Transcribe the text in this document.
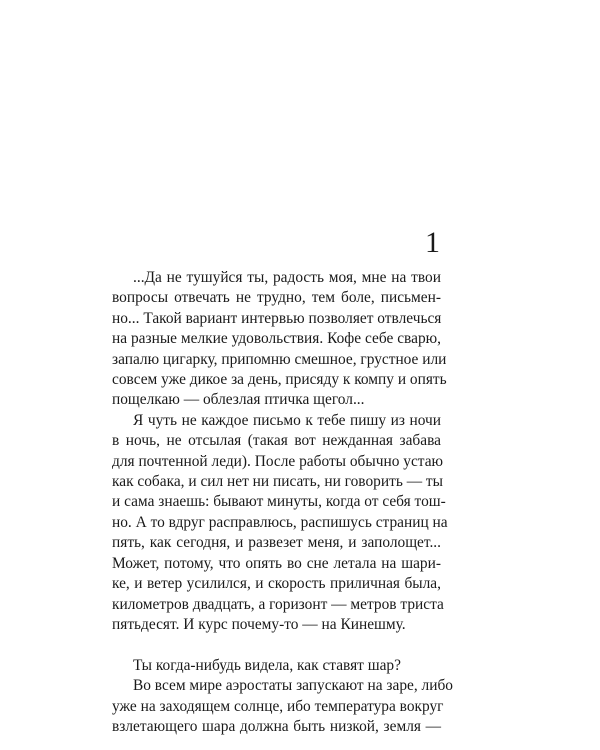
1

...Да не тушуйся ты, радость моя, мне на твои
вопросы отвечать не трудно, тем боле, письмен-
но... Такой вариант интервью позволяет отвлечься
на разные мелкие удовольствия. Кофе себе сварю,
запалю цигарку, припомню смешное, грустное или
совсем уже дикое за день, присяду к компу и опять
пощелкаю — облезлая птичка щегол...

Я чуть не каждое письмо к тебе пишу из ночи
в ночь, не отсылая (такая вот нежданная забава
для почтенной леди). После работы обычно устаю
как собака, и сил нет ни писать, ни говорить — ты
и сама знаешь: бывают минуты, когда от себя тош-
но. А то вдруг расправлюсь, распишусь страниц на
пять, как сегодня, и развезет меня, и заполощет...
Может, потому, что опять во сне летала на шари-
ке, и ветер усилился, и скорость приличная была,
километров двадцать, а горизонт — метров триста
пятьдесят. И курс почему-то — на Кинешму.

Ты когда-нибудь видела, как ставят шар?

Во всем мире аэростаты запускают на заре, либо
уже на заходящем солнце, ибо температура вокруг
взлетающего шара должна быть низкой, земля —
